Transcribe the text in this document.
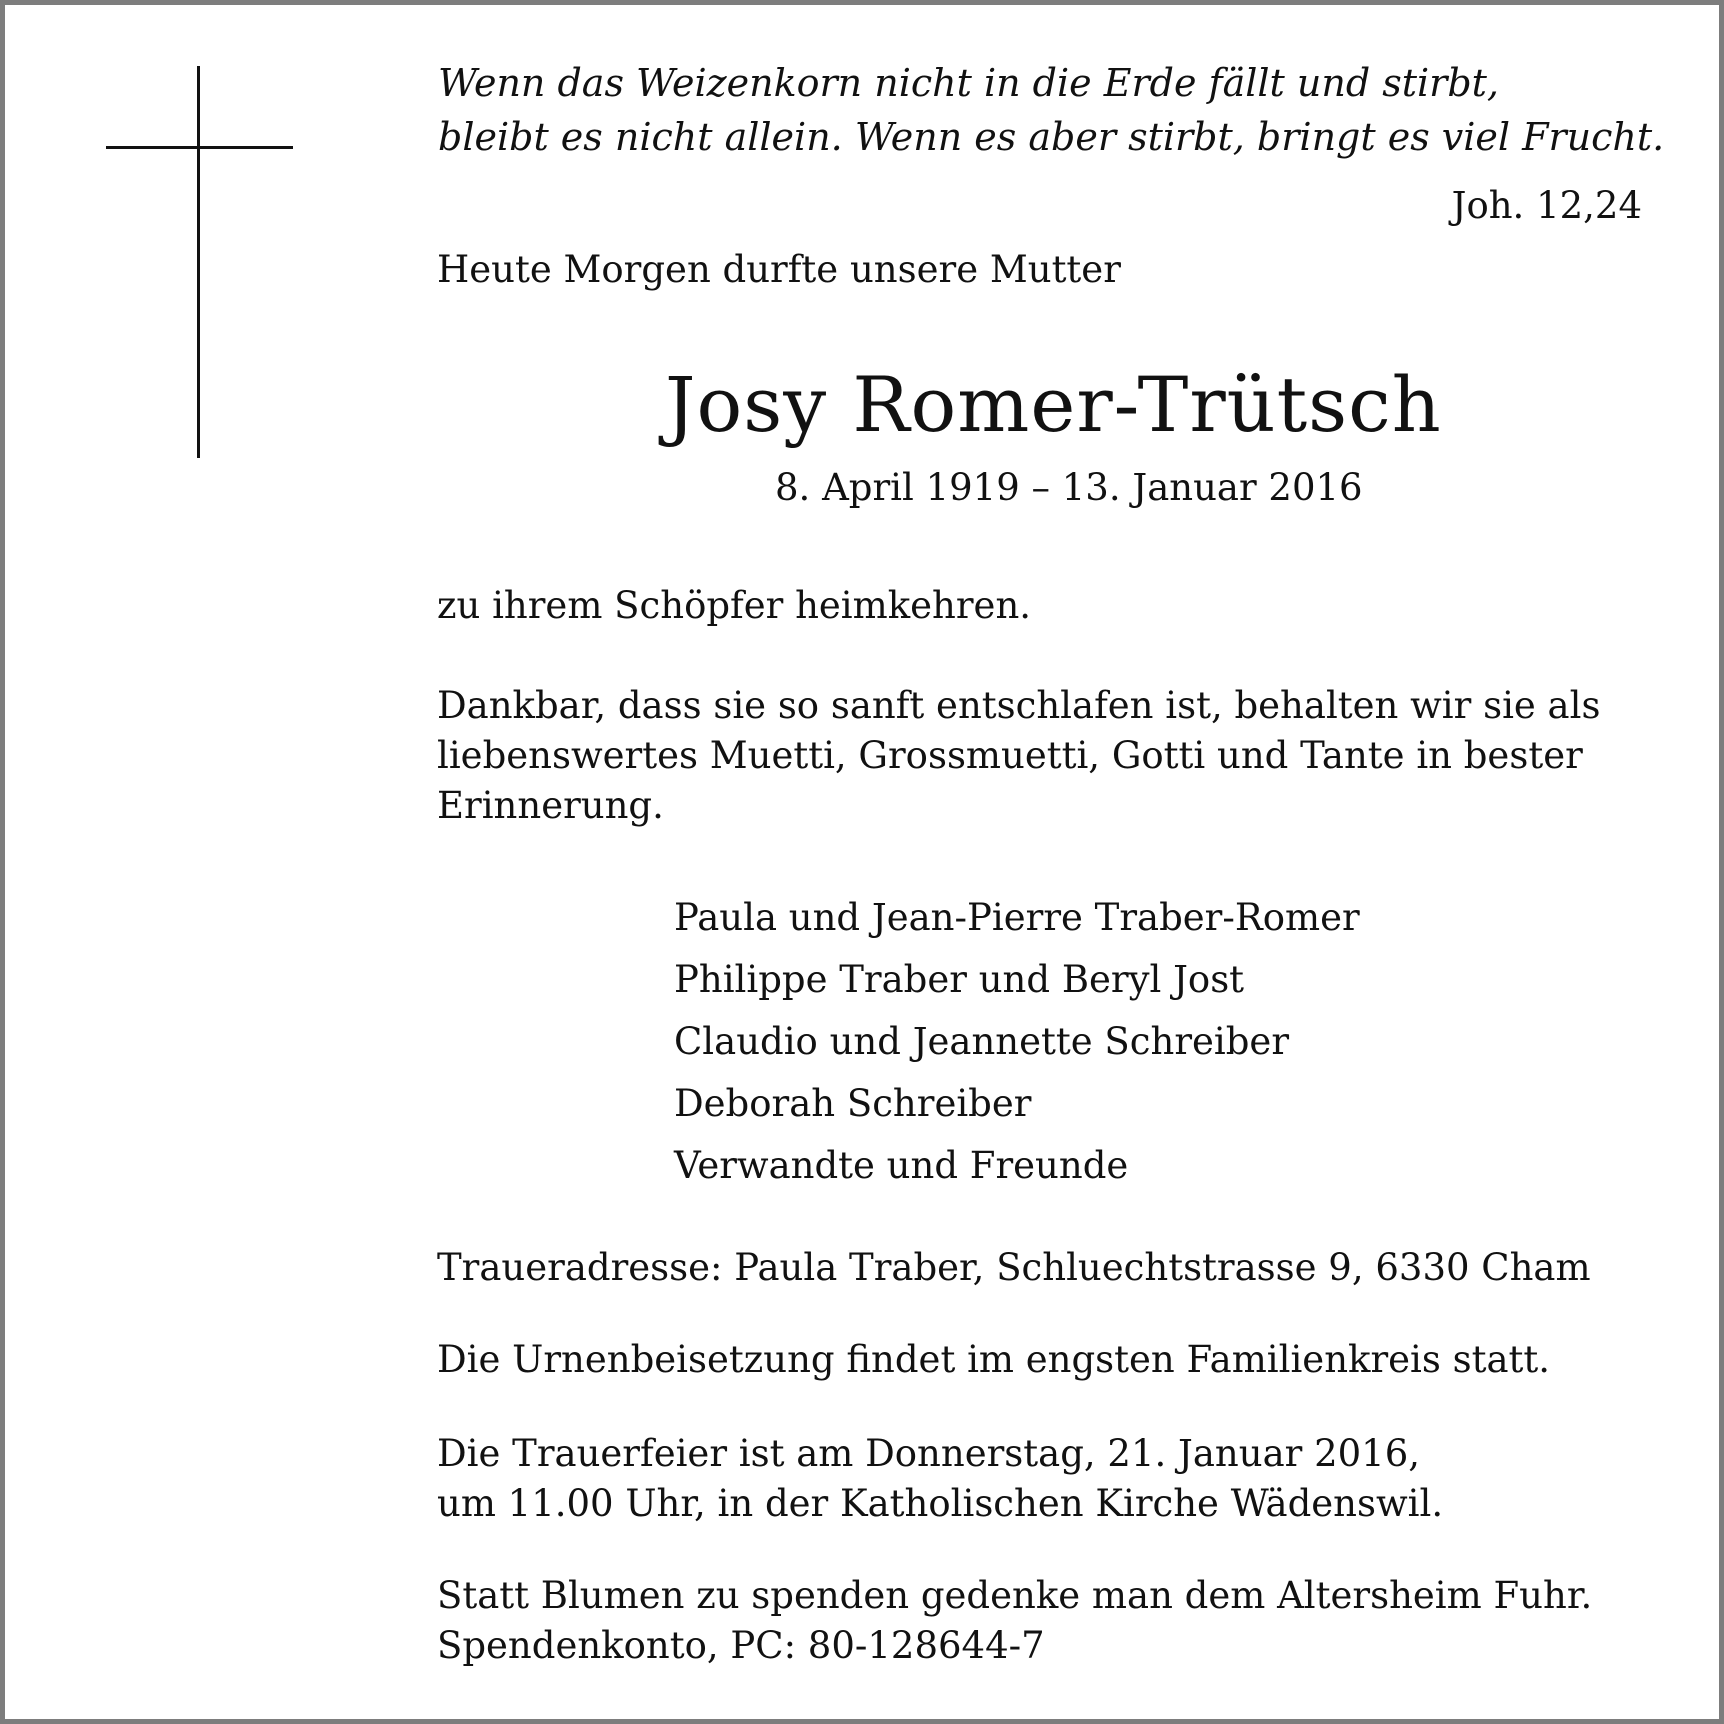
Wenn das Weizenkorn nicht in die Erde fällt und stirbt,
bleibt es nicht allein. Wenn es aber stirbt, bringt es viel Frucht.
Joh. 12,24
Heute Morgen durfte unsere Mutter
Josy Romer-Trütsch
8. April 1919 – 13. Januar 2016
zu ihrem Schöpfer heimkehren.
Dankbar, dass sie so sanft entschlafen ist, behalten wir sie als
liebenswertes Muetti, Grossmuetti, Gotti und Tante in bester
Erinnerung.
Paula und Jean-Pierre Traber-Romer
Philippe Traber und Beryl Jost
Claudio und Jeannette Schreiber
Deborah Schreiber
Verwandte und Freunde
Traueradresse: Paula Traber, Schluechtstrasse 9, 6330 Cham
Die Urnenbeisetzung findet im engsten Familienkreis statt.
Die Trauerfeier ist am Donnerstag, 21. Januar 2016,
um 11.00 Uhr, in der Katholischen Kirche Wädenswil.
Statt Blumen zu spenden gedenke man dem Altersheim Fuhr.
Spendenkonto, PC: 80-128644-7
